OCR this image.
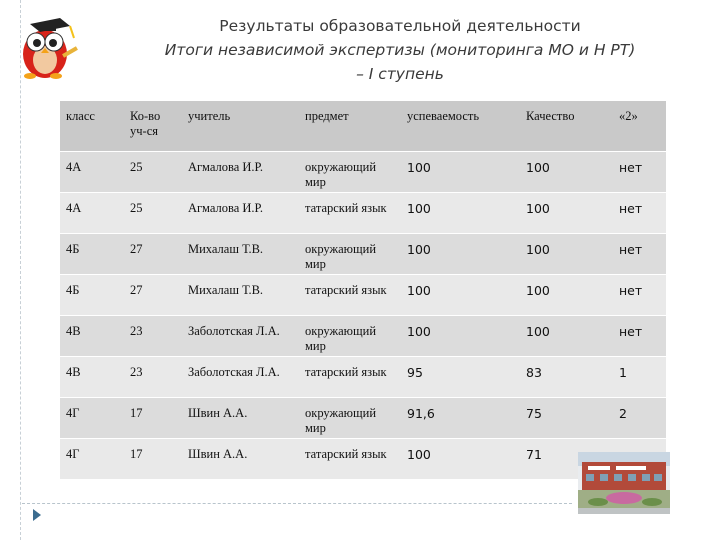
Результаты образовательной деятельности
Итоги независимой экспертизы (мониторинга МО и Н РТ)
– I ступень
класс	Ко-во уч-ся	учитель	предмет	успеваемость	Качество	«2»
4А	25	Агмалова И.Р.	окружающий мир	100	100	нет
4А	25	Агмалова И.Р.	татарский язык	100	100	нет
4Б	27	Михалаш Т.В.	окружающий мир	100	100	нет
4Б	27	Михалаш Т.В.	татарский язык	100	100	нет
4В	23	Заболотская Л.А.	окружающий мир	100	100	нет
4В	23	Заболотская Л.А.	татарский язык	95	83	1
4Г	17	Швин А.А.	окружающий мир	91,6	75	2
4Г	17	Швин А.А.	татарский язык	100	71	
